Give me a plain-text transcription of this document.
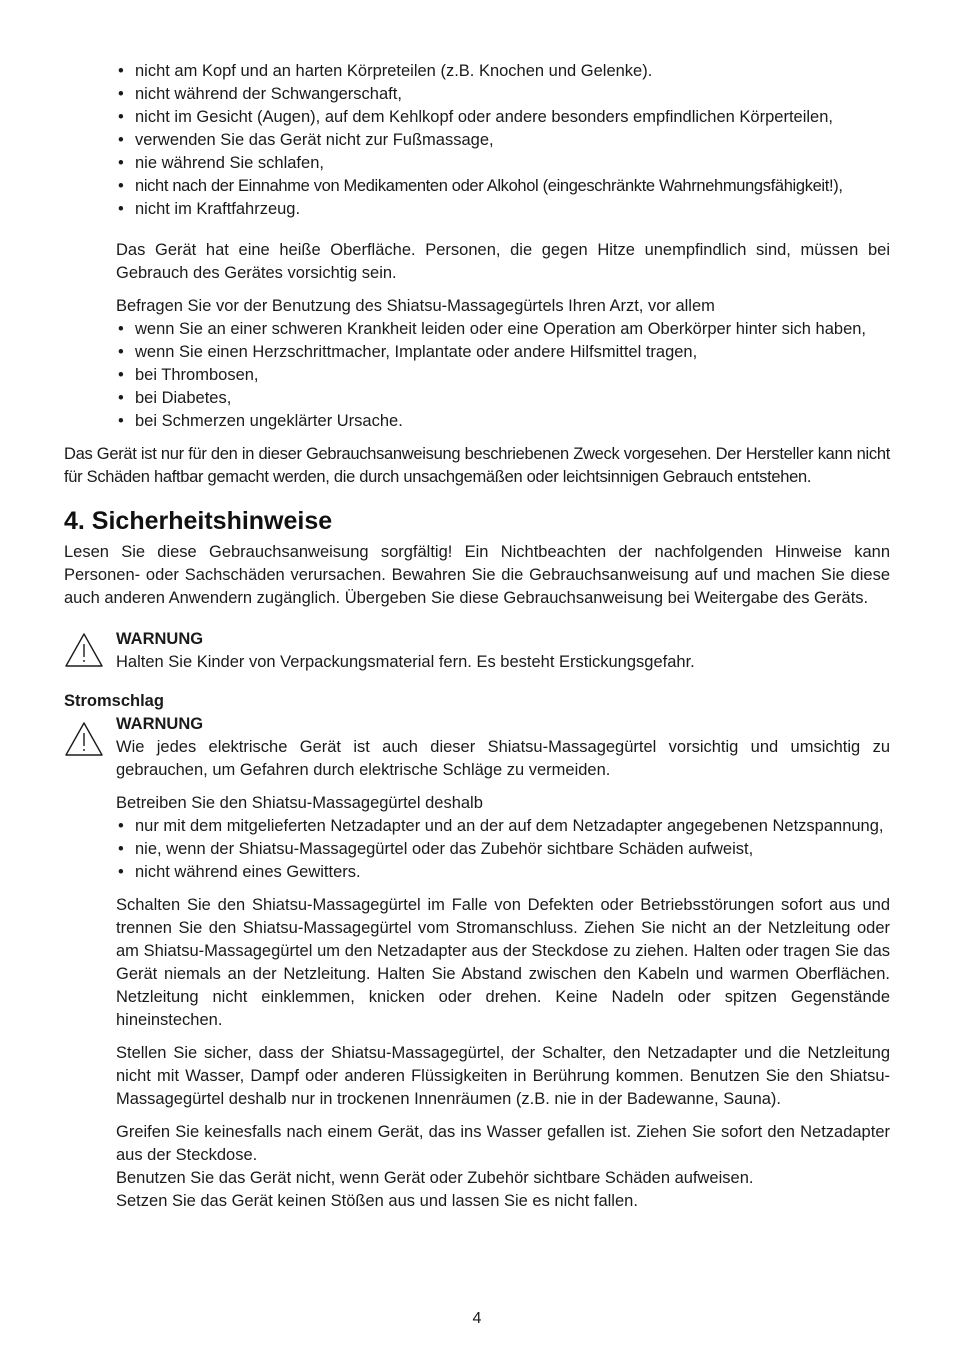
• nicht am Kopf und an harten Körpreteilen (z.B. Knochen und Gelenke).
• nicht während der Schwangerschaft,
• nicht im Gesicht (Augen), auf dem Kehlkopf oder andere besonders empfindlichen Körperteilen,
• verwenden Sie das Gerät nicht zur Fußmassage,
• nie während Sie schlafen,
• nicht nach der Einnahme von Medikamenten oder Alkohol (eingeschränkte Wahrnehmungsfähigkeit!),
• nicht im Kraftfahrzeug.

Das Gerät hat eine heiße Oberfläche. Personen, die gegen Hitze unempfindlich sind, müssen bei Gebrauch des Gerätes vorsichtig sein.

Befragen Sie vor der Benutzung des Shiatsu-Massagegürtels Ihren Arzt, vor allem

• wenn Sie an einer schweren Krankheit leiden oder eine Operation am Oberkörper hinter sich haben,
• wenn Sie einen Herzschrittmacher, Implantate oder andere Hilfsmittel tragen,
• bei Thrombosen,
• bei Diabetes,
• bei Schmerzen ungeklärter Ursache.

Das Gerät ist nur für den in dieser Gebrauchsanweisung beschriebenen Zweck vorgesehen. Der Hersteller kann nicht für Schäden haftbar gemacht werden, die durch unsachgemäßen oder leichtsinnigen Gebrauch entstehen.

4. Sicherheitshinweise

Lesen Sie diese Gebrauchsanweisung sorgfältig! Ein Nichtbeachten der nachfolgenden Hinweise kann Personen- oder Sachschäden verursachen. Bewahren Sie die Gebrauchsanweisung auf und machen Sie diese auch anderen Anwendern zugänglich. Übergeben Sie diese Gebrauchsanweisung bei Weitergabe des Geräts.

WARNUNG
Halten Sie Kinder von Verpackungsmaterial fern. Es besteht Erstickungsgefahr.
Stromschlag
WARNUNG

Wie jedes elektrische Gerät ist auch dieser Shiatsu-Massagegürtel vorsichtig und umsichtig zu gebrauchen, um Gefahren durch elektrische Schläge zu vermeiden.

Betreiben Sie den Shiatsu-Massagegürtel deshalb

• nur mit dem mitgelieferten Netzadapter und an der auf dem Netzadapter angegebenen Netzspannung,
• nie, wenn der Shiatsu-Massagegürtel oder das Zubehör sichtbare Schäden aufweist,
• nicht während eines Gewitters.

Schalten Sie den Shiatsu-Massagegürtel im Falle von Defekten oder Betriebsstörungen sofort aus und trennen Sie den Shiatsu-Massagegürtel vom Stromanschluss. Ziehen Sie nicht an der Netzleitung oder am Shiatsu-Massagegürtel um den Netzadapter aus der Steckdose zu ziehen. Halten oder tragen Sie das Gerät niemals an der Netzleitung. Halten Sie Abstand zwischen den Kabeln und warmen Oberflächen. Netzleitung nicht einklemmen, knicken oder drehen. Keine Nadeln oder spitzen Gegenstände hineinstechen.

Stellen Sie sicher, dass der Shiatsu-Massagegürtel, der Schalter, den Netzadapter und die Netzleitung nicht mit Wasser, Dampf oder anderen Flüssigkeiten in Berührung kommen. Benutzen Sie den Shiatsu-Massagegürtel deshalb nur in trockenen Innenräumen (z.B. nie in der Badewanne, Sauna).

Greifen Sie keinesfalls nach einem Gerät, das ins Wasser gefallen ist. Ziehen Sie sofort den Netzadapter aus der Steckdose.

Benutzen Sie das Gerät nicht, wenn Gerät oder Zubehör sichtbare Schäden aufweisen.

Setzen Sie das Gerät keinen Stößen aus und lassen Sie es nicht fallen.

4
